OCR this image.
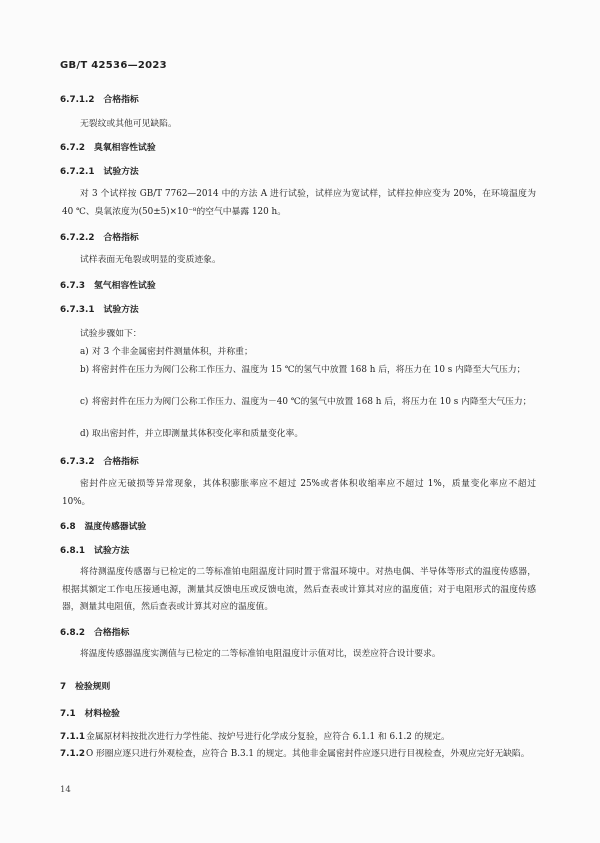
GB/T 42536—2023
6.7.1.2 合格指标
无裂纹或其他可见缺陷。
6.7.2 臭氧相容性试验
6.7.2.1 试验方法
对 3 个试样按 GB/T 7762—2014 中的方法 A 进行试验，试样应为宽试样，试样拉伸应变为 20%，在环境温度为 40 ℃、臭氧浓度为(50±5)×10⁻⁸的空气中暴露 120 h。
6.7.2.2 合格指标
试样表面无龟裂或明显的变质迹象。
6.7.3 氢气相容性试验
6.7.3.1 试验方法
试验步骤如下：
a) 对 3 个非金属密封件测量体积，并称重；
b) 将密封件在压力为阀门公称工作压力、温度为 15 ℃的氢气中放置 168 h 后，将压力在 10 s 内降至大气压力；
c) 将密封件在压力为阀门公称工作压力、温度为－40 ℃的氢气中放置 168 h 后，将压力在 10 s 内降至大气压力；
d) 取出密封件，并立即测量其体积变化率和质量变化率。
6.7.3.2 合格指标
密封件应无破损等异常现象，其体积膨胀率应不超过 25%或者体积收缩率应不超过 1%，质量变化率应不超过 10%。
6.8 温度传感器试验
6.8.1 试验方法
将待测温度传感器与已检定的二等标准铂电阻温度计同时置于常温环境中。对热电偶、半导体等形式的温度传感器，根据其额定工作电压接通电源，测量其反馈电压或反馈电流，然后查表或计算其对应的温度值；对于电阻形式的温度传感器，测量其电阻值，然后查表或计算其对应的温度值。
6.8.2 合格指标
将温度传感器温度实测值与已检定的二等标准铂电阻温度计示值对比，误差应符合设计要求。
7 检验规则
7.1 材料检验
7.1.1 金属原材料按批次进行力学性能、按炉号进行化学成分复验，应符合 6.1.1 和 6.1.2 的规定。
7.1.2 O 形圈应逐只进行外观检查，应符合 B.3.1 的规定。其他非金属密封件应逐只进行目视检查，外观应完好无缺陷。
14
